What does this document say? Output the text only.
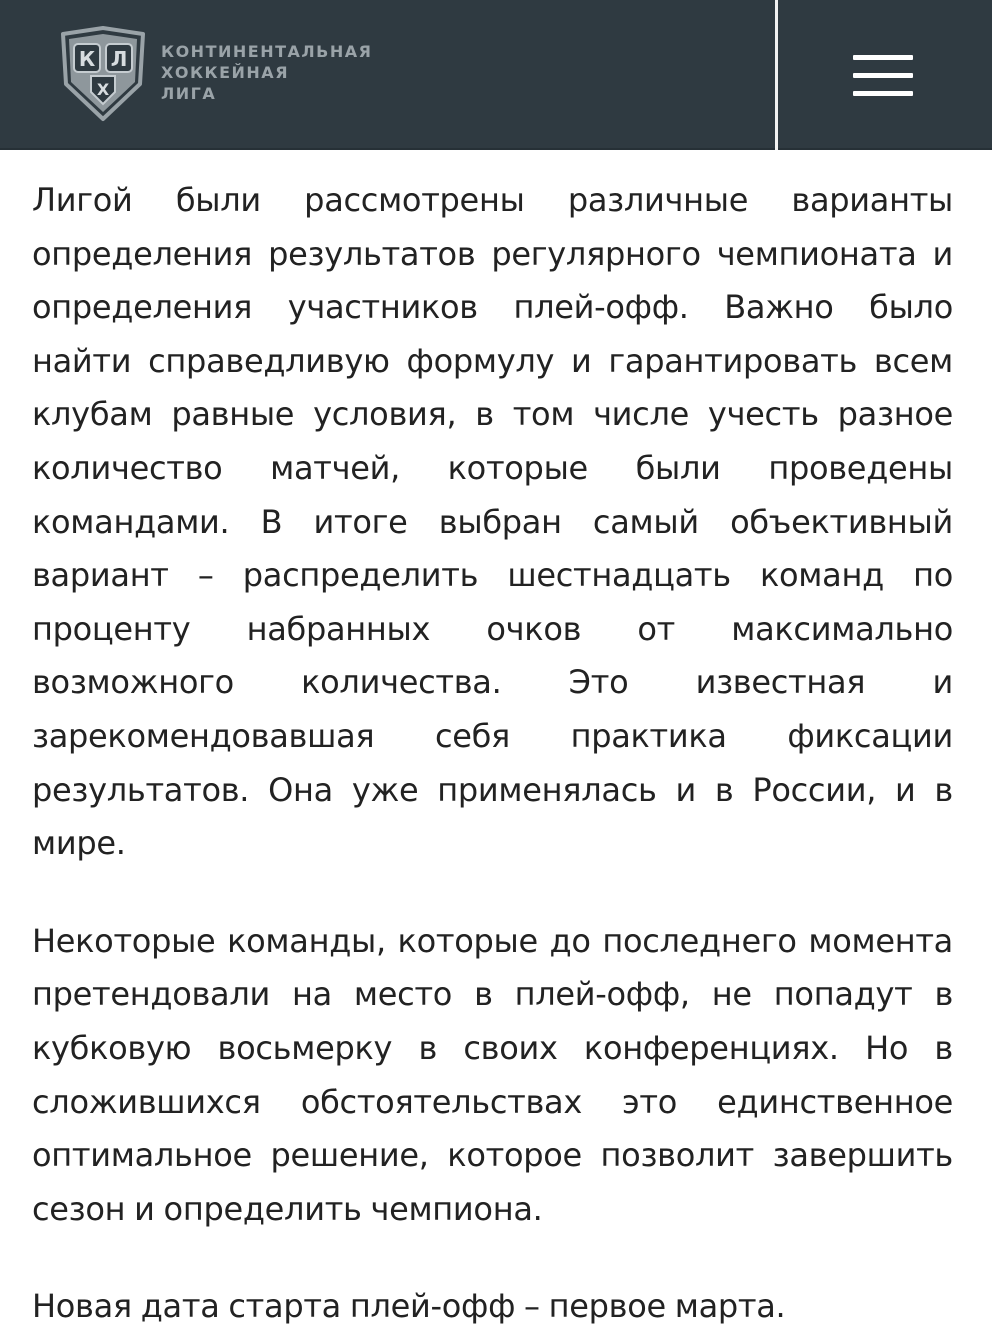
К Л
Х
КОНТИНЕНТАЛЬНАЯ
ХОККЕЙНАЯ
ЛИГА

Лигой были рассмотрены различные варианты определения результатов регулярного чемпионата и определения участников плей-офф. Важно было найти справедливую формулу и гарантировать всем клубам равные условия, в том числе учесть разное количество матчей, которые были проведены командами. В итоге выбран самый объективный вариант – распределить шестнадцать команд по проценту набранных очков от максимально возможного количества. Это известная и зарекомендовавшая себя практика фиксации результатов. Она уже применялась и в России, и в мире.

Некоторые команды, которые до последнего момента претендовали на место в плей-офф, не попадут в кубковую восьмерку в своих конференциях. Но в сложившихся обстоятельствах это единственное оптимальное решение, которое позволит завершить сезон и определить чемпиона.

Новая дата старта плей-офф – первое марта.
